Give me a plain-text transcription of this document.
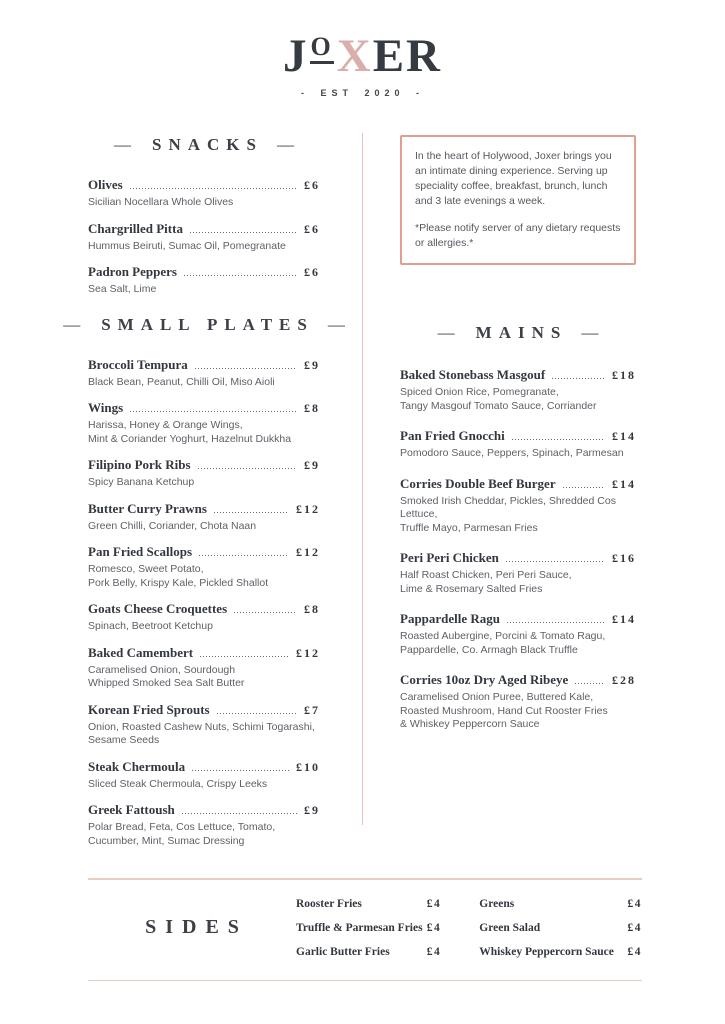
JOXER
- EST 2020 -
—	SNACKS —
Olives	£6
Sicilian Nocellara Whole Olives
Chargrilled Pitta	£6
Hummus Beiruti, Sumac Oil, Pomegranate
Padron Peppers	£6
Sea Salt, Lime
—	SMALL PLATES —
Broccoli Tempura	£9
Black Bean, Peanut, Chilli Oil, Miso Aioli
Wings	£8
Harissa, Honey & Orange Wings,
Mint & Coriander Yoghurt, Hazelnut Dukkha
Filipino Pork Ribs	£9
Spicy Banana Ketchup
Butter Curry Prawns	£12
Green Chilli, Coriander, Chota Naan
Pan Fried Scallops	£12
Romesco, Sweet Potato,
Pork Belly, Krispy Kale, Pickled Shallot
Goats Cheese Croquettes	£8
Spinach, Beetroot Ketchup
Baked Camembert	£12
Caramelised Onion, Sourdough
Whipped Smoked Sea Salt Butter
Korean Fried Sprouts	£7
Onion, Roasted Cashew Nuts, Schimi Togarashi,
Sesame Seeds
Steak Chermoula	£10
Sliced Steak Chermoula, Crispy Leeks
Greek Fattoush	£9
Polar Bread, Feta, Cos Lettuce, Tomato,
Cucumber, Mint, Sumac Dressing

In the heart of Holywood, Joxer brings you an intimate dining experience. Serving up speciality coffee, breakfast, brunch, lunch and 3 late evenings a week.

*Please notify server of any dietary requests or allergies.*

—	MAINS —
Baked Stonebass Masgouf	£18
Spiced Onion Rice, Pomegranate,
Tangy Masgouf Tomato Sauce, Corriander
Pan Fried Gnocchi	£14
Pomodoro Sauce, Peppers, Spinach, Parmesan
Corries Double Beef Burger	£14
Smoked Irish Cheddar, Pickles, Shredded Cos Lettuce,
Truffle Mayo, Parmesan Fries
Peri Peri Chicken	£16
Half Roast Chicken, Peri Peri Sauce,
Lime & Rosemary Salted Fries
Pappardelle Ragu	£14
Roasted Aubergine, Porcini & Tomato Ragu,
Pappardelle, Co. Armagh Black Truffle
Corries 10oz Dry Aged Ribeye	£28
Caramelised Onion Puree, Buttered Kale,
Roasted Mushroom, Hand Cut Rooster Fries
& Whiskey Peppercorn Sauce
SIDES
Rooster Fries	£4
Truffle & Parmesan Fries £4
Garlic Butter Fries	£4
Greens	£4
Green Salad	£4
Whiskey Peppercorn Sauce £4
